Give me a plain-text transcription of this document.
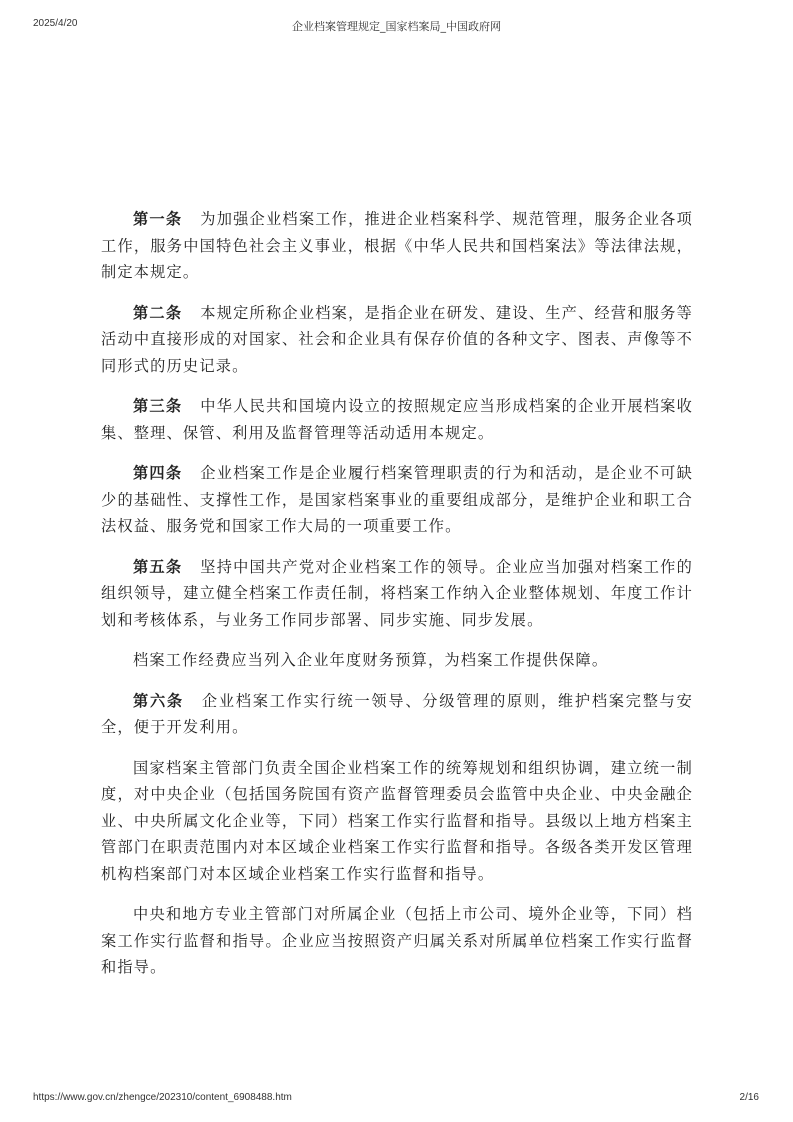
2025/4/20	企业档案管理规定_国家档案局_中国政府网

第一条 为加强企业档案工作，推进企业档案科学、规范管理，服务企业各项工作，服务中国特色社会主义事业，根据《中华人民共和国档案法》等法律法规，制定本规定。

第二条 本规定所称企业档案，是指企业在研发、建设、生产、经营和服务等活动中直接形成的对国家、社会和企业具有保存价值的各种文字、图表、声像等不同形式的历史记录。

第三条 中华人民共和国境内设立的按照规定应当形成档案的企业开展档案收集、整理、保管、利用及监督管理等活动适用本规定。

第四条 企业档案工作是企业履行档案管理职责的行为和活动，是企业不可缺少的基础性、支撑性工作，是国家档案事业的重要组成部分，是维护企业和职工合法权益、服务党和国家工作大局的一项重要工作。

第五条 坚持中国共产党对企业档案工作的领导。企业应当加强对档案工作的组织领导，建立健全档案工作责任制，将档案工作纳入企业整体规划、年度工作计划和考核体系，与业务工作同步部署、同步实施、同步发展。

档案工作经费应当列入企业年度财务预算，为档案工作提供保障。

第六条 企业档案工作实行统一领导、分级管理的原则，维护档案完整与安全，便于开发利用。

国家档案主管部门负责全国企业档案工作的统筹规划和组织协调，建立统一制度，对中央企业（包括国务院国有资产监督管理委员会监管中央企业、中央金融企业、中央所属文化企业等，下同）档案工作实行监督和指导。县级以上地方档案主管部门在职责范围内对本区域企业档案工作实行监督和指导。各级各类开发区管理机构档案部门对本区域企业档案工作实行监督和指导。

中央和地方专业主管部门对所属企业（包括上市公司、境外企业等，下同）档案工作实行监督和指导。企业应当按照资产归属关系对所属单位档案工作实行监督和指导。

https://www.gov.cn/zhengce/202310/content_6908488.htm	2/16
